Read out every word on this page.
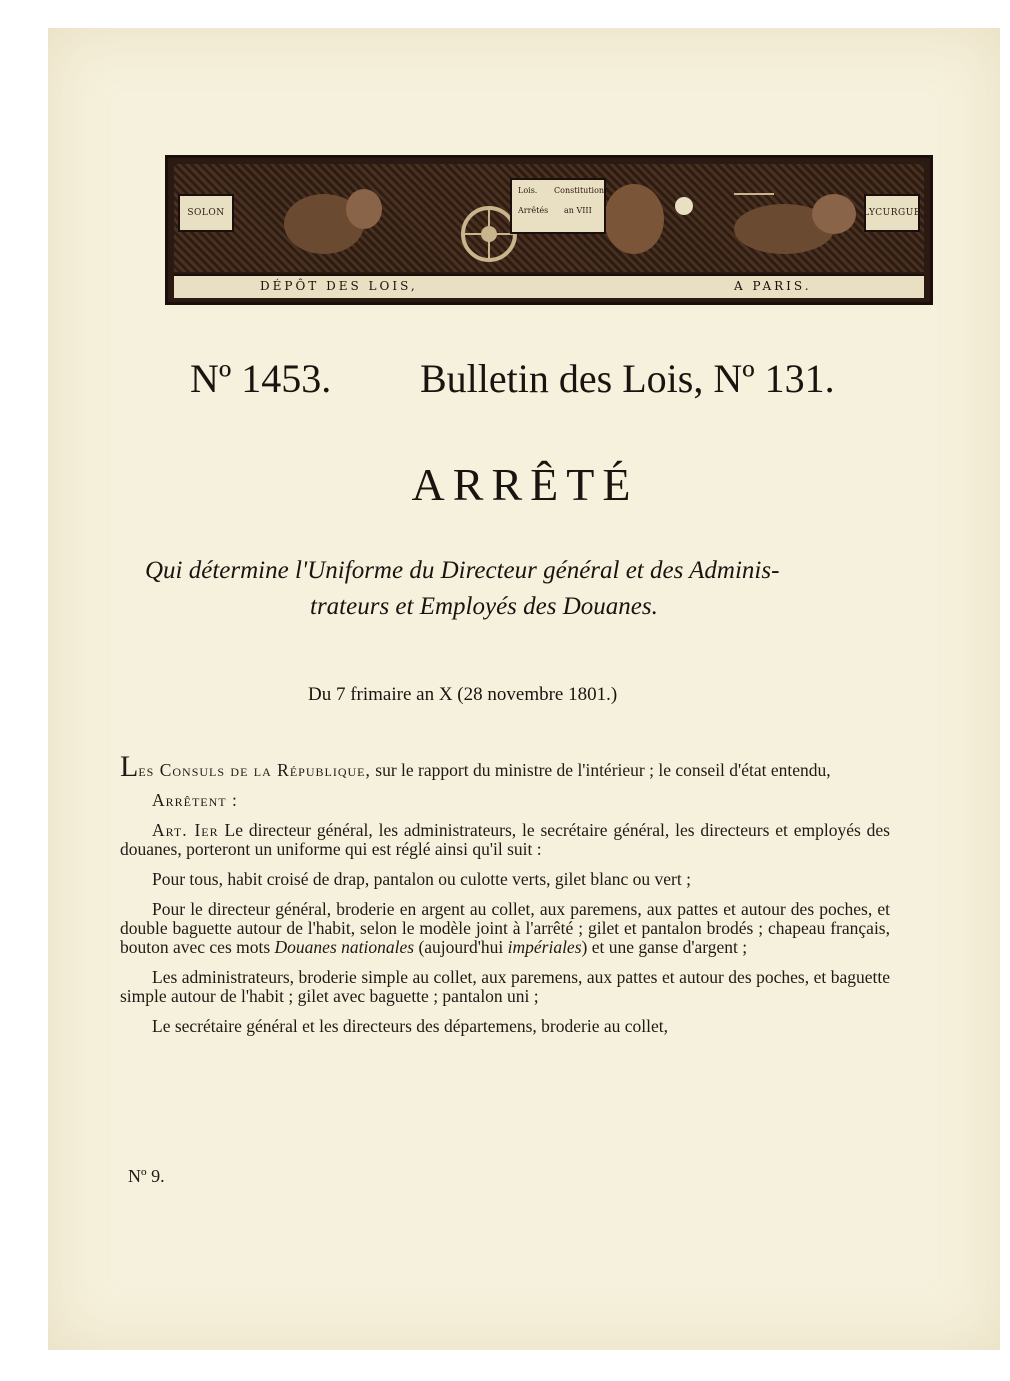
SOLON	LYCURGUE
Lois. Constitution
Arrêtés an VIII
DÉPÔT DES LOIS,	A PARIS.
Nº 1453. Bulletin des Lois, Nº 131.
ARRÊTÉ
Qui détermine l'Uniforme du Directeur général et des Adminis-
trateurs et Employés des Douanes.
Du 7 frimaire an X (28 novembre 1801.)

Les Consuls de la République, sur le rapport du ministre de l'intérieur ; le conseil d'état entendu,

Arrêtent :

Art. Ier Le directeur général, les administrateurs, le secrétaire général, les directeurs et employés des douanes, porteront un uniforme qui est réglé ainsi qu'il suit :

Pour tous, habit croisé de drap, pantalon ou culotte verts, gilet blanc ou vert ;

Pour le directeur général, broderie en argent au collet, aux paremens, aux pattes et autour des poches, et double baguette autour de l'habit, selon le modèle joint à l'arrêté ; gilet et pantalon brodés ; chapeau français, bouton avec ces mots Douanes nationales (aujourd'hui impériales) et une ganse d'argent ;

Les administrateurs, broderie simple au collet, aux paremens, aux pattes et autour des poches, et baguette simple autour de l'habit ; gilet avec baguette ; pantalon uni ;

Le secrétaire général et les directeurs des départemens, broderie au collet,

Nº 9.
